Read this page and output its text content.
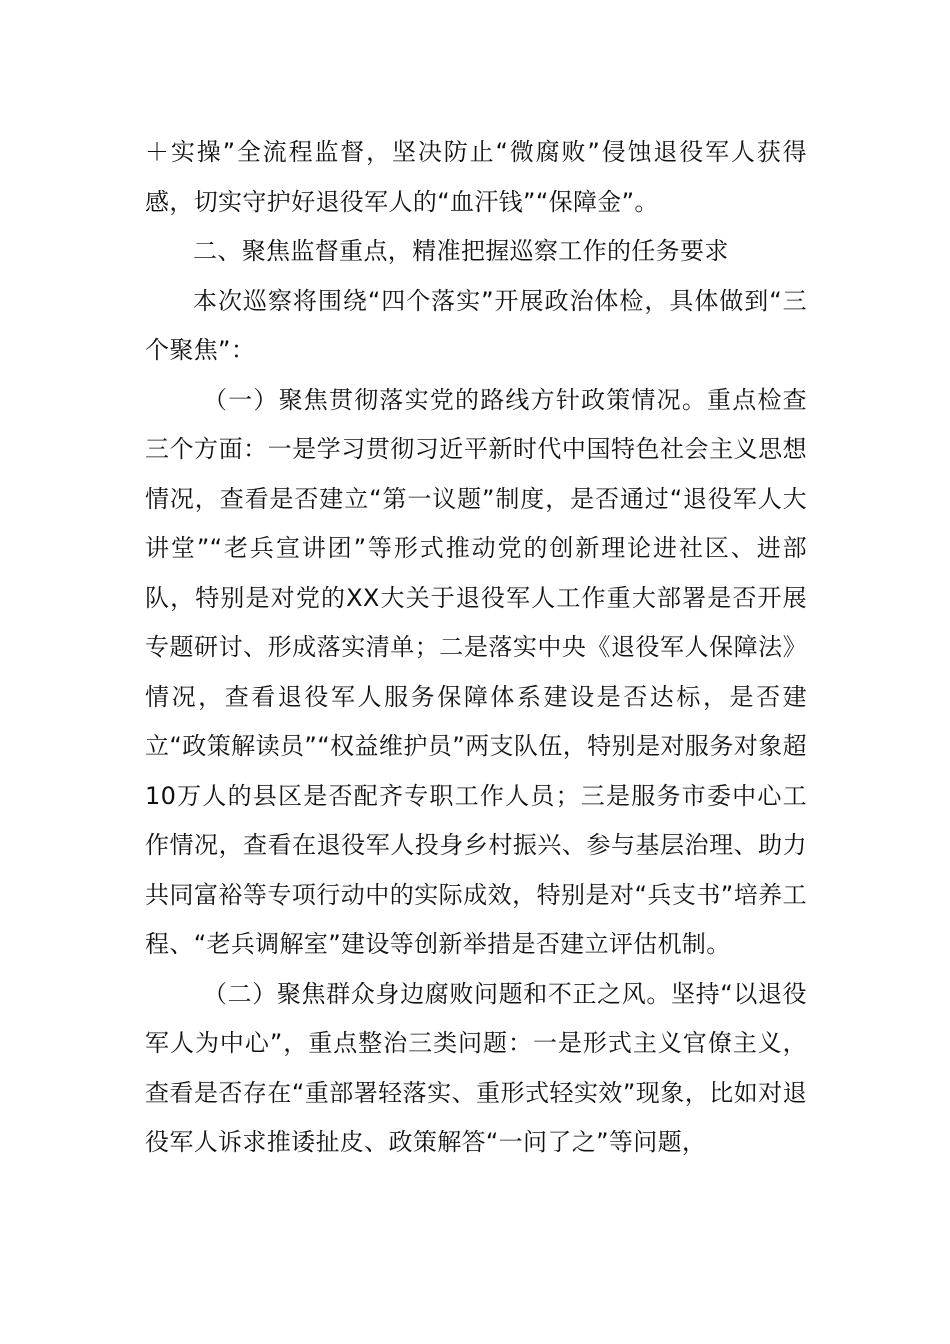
＋实操”全流程监督，坚决防止“微腐败”侵蚀退役军人获得感，切实守护好退役军人的“血汗钱”“保障金”。

二、聚焦监督重点，精准把握巡察工作的任务要求

本次巡察将围绕“四个落实”开展政治体检，具体做到“三个聚焦”：

（一）聚焦贯彻落实党的路线方针政策情况。重点检查三个方面：一是学习贯彻习近平新时代中国特色社会主义思想情况，查看是否建立“第一议题”制度，是否通过“退役军人大讲堂”“老兵宣讲团”等形式推动党的创新理论进社区、进部队，特别是对党的XX大关于退役军人工作重大部署是否开展专题研讨、形成落实清单；二是落实中央《退役军人保障法》情况，查看退役军人服务保障体系建设是否达标，是否建立“政策解读员”“权益维护员”两支队伍，特别是对服务对象超10万人的县区是否配齐专职工作人员；三是服务市委中心工作情况，查看在退役军人投身乡村振兴、参与基层治理、助力共同富裕等专项行动中的实际成效，特别是对“兵支书”培养工程、“老兵调解室”建设等创新举措是否建立评估机制。

（二）聚焦群众身边腐败问题和不正之风。坚持“以退役军人为中心”，重点整治三类问题：一是形式主义官僚主义，查看是否存在“重部署轻落实、重形式轻实效”现象，比如对退役军人诉求推诿扯皮、政策解答“一问了之”等问题，
